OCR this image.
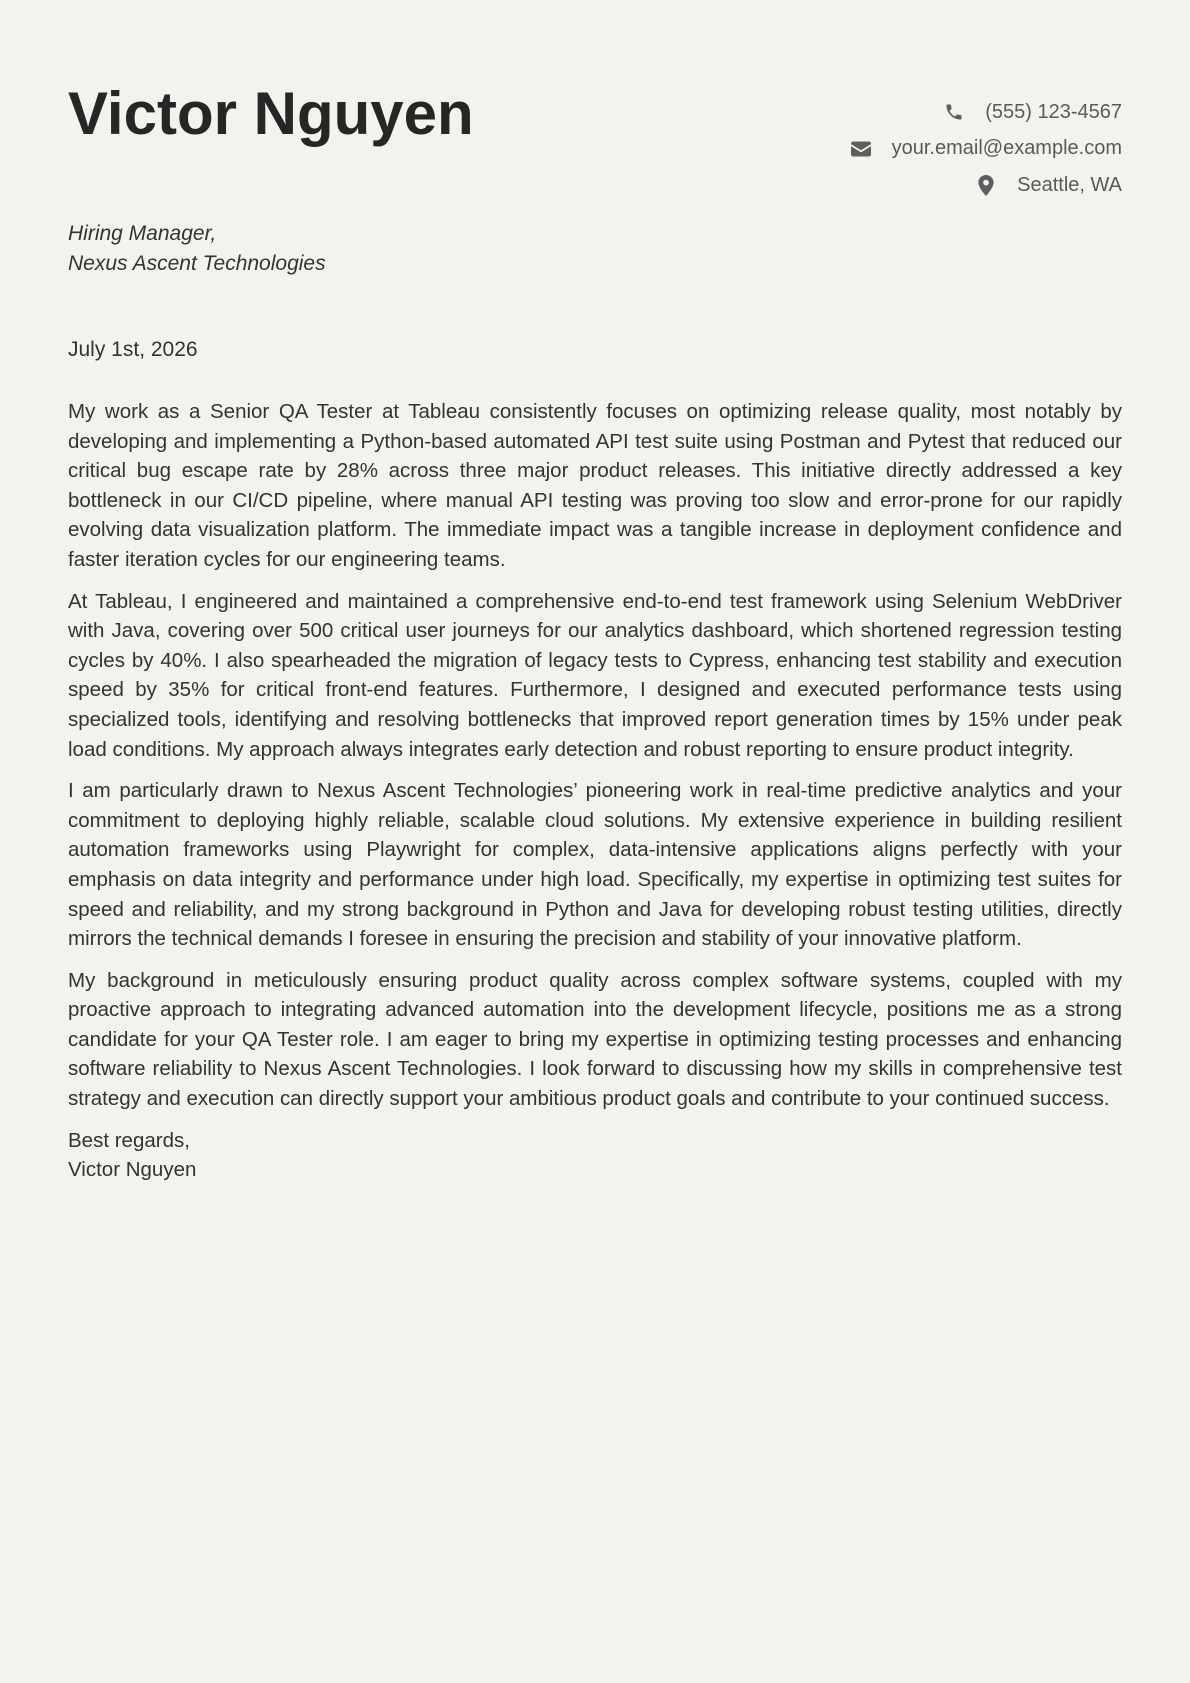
Victor Nguyen	(555) 123-4567
your.email@example.com
Seattle, WA
Hiring Manager,
Nexus Ascent Technologies
July 1st, 2026

My work as a Senior QA Tester at Tableau consistently focuses on optimizing release quality, most notably by developing and implementing a Python-based automated API test suite using Postman and Pytest that reduced our critical bug escape rate by 28% across three major product releases. This initiative directly addressed a key bottleneck in our CI/CD pipeline, where manual API testing was proving too slow and error-prone for our rapidly evolving data visualization platform. The immediate impact was a tangible increase in deployment confidence and faster iteration cycles for our engineering teams.

At Tableau, I engineered and maintained a comprehensive end-to-end test framework using Selenium WebDriver with Java, covering over 500 critical user journeys for our analytics dashboard, which shortened regression testing cycles by 40%. I also spearheaded the migration of legacy tests to Cypress, enhancing test stability and execution speed by 35% for critical front-end features. Furthermore, I designed and executed performance tests using specialized tools, identifying and resolving bottlenecks that improved report generation times by 15% under peak load conditions. My approach always integrates early detection and robust reporting to ensure product integrity.

I am particularly drawn to Nexus Ascent Technologies’ pioneering work in real-time predictive analytics and your commitment to deploying highly reliable, scalable cloud solutions. My extensive experience in building resilient automation frameworks using Playwright for complex, data-intensive applications aligns perfectly with your emphasis on data integrity and performance under high load. Specifically, my expertise in optimizing test suites for speed and reliability, and my strong background in Python and Java for developing robust testing utilities, directly mirrors the technical demands I foresee in ensuring the precision and stability of your innovative platform.

My background in meticulously ensuring product quality across complex software systems, coupled with my proactive approach to integrating advanced automation into the development lifecycle, positions me as a strong candidate for your QA Tester role. I am eager to bring my expertise in optimizing testing processes and enhancing software reliability to Nexus Ascent Technologies. I look forward to discussing how my skills in comprehensive test strategy and execution can directly support your ambitious product goals and contribute to your continued success.

Best regards,
Victor Nguyen
